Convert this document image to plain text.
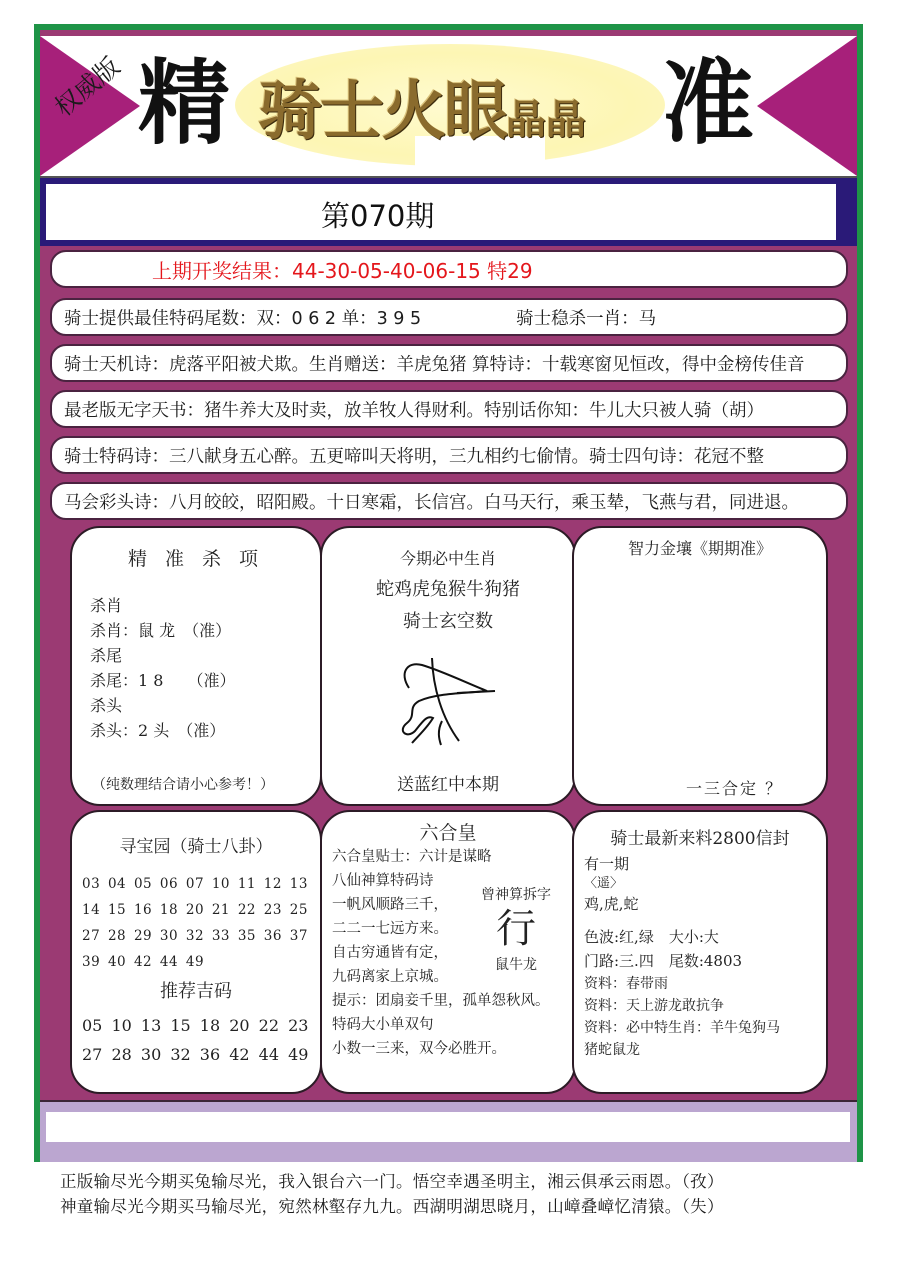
权威版 精 骑士火眼晶晶 准
第070期
上期开奖结果：44-30-05-40-06-15 特29
骑士提供最佳特码尾数：双：0 6 2 单：3 9 5	骑士稳杀一肖：马
骑士天机诗：虎落平阳被犬欺。生肖赠送：羊虎兔猪 算特诗：十载寒窗见恒改，得中金榜传佳音
最老版无字天书：猪牛养大及时卖，放羊牧人得财利。特别话你知：牛儿大只被人骑（胡）
骑士特码诗：三八献身五心醉。五更啼叫天将明，三九相约七偷情。骑士四句诗：花冠不整
马会彩头诗：八月皎皎，昭阳殿。十日寒霜，长信宫。白马天行，乘玉辇，飞燕与君，同进退。
精 准 杀 项
杀肖
杀肖：鼠 龙　（准）
杀尾
杀尾：1 8　　（准）
杀头
杀头：2 头　（准）
（纯数理结合请小心参考！）
今期必中生肖
蛇鸡虎兔猴牛狗猪
骑士玄空数
送蓝红中本期
智力金壤《期期准》
一三合定 ？
寻宝园（骑士八卦）
03 04 05 06 07 10 11 12 13
14 15 16 18 20 21 22 23 25
27 28 29 30 32 33 35 36 37
39 40 42 44 49
推荐吉码
05 10 13 15 18 20 22 23
27 28 30 32 36 42 44 49
六合皇
六合皇贴士：六计是谋略
八仙神算特码诗
一帆风顺路三千，
二二一七远方来。
自古穷通皆有定，
九码离家上京城。
提示：团扇妾千里，孤单怨秋风。
特码大小单双句
小数一三来，双今必胜开。
曾神算拆字
行
鼠牛龙
骑士最新来料2800信封
有一期
〈遥〉
鸡,虎,蛇
色波:红,绿　大小:大
门路:三.四　尾数:4803
资料：春带雨
资料：天上游龙敢抗争
资料：必中特生肖：羊牛兔狗马
猪蛇鼠龙
正版输尽光今期买兔输尽光，我入银台六一门。悟空幸遇圣明主，湘云俱承云雨恩。（孜）
神童输尽光今期买马输尽光，宛然林壑存九九。西湖明湖思晓月，山嶂叠嶂忆清猿。（失）
